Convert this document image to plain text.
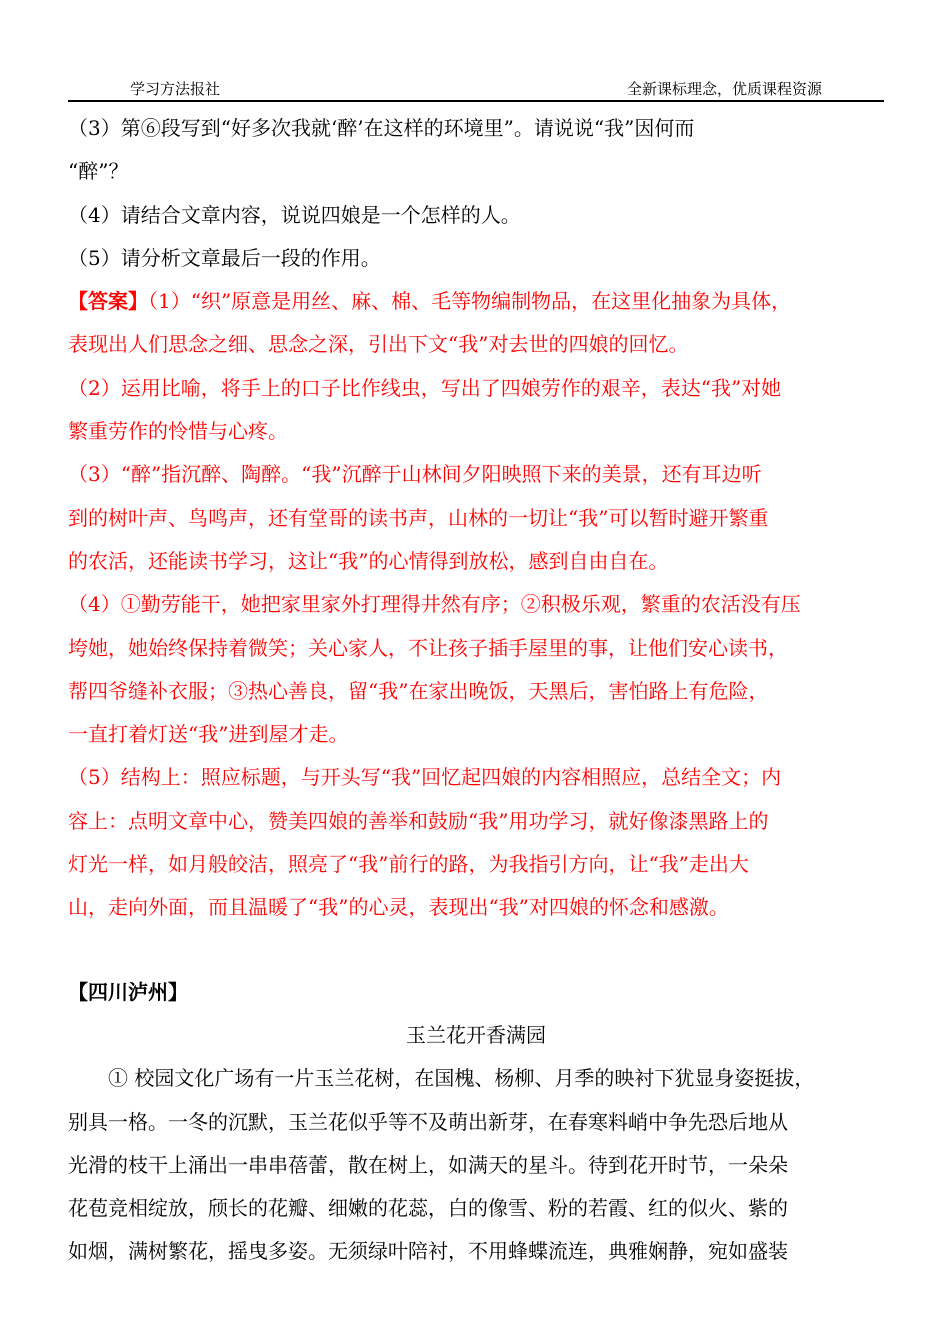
学习方法报社	全新课标理念，优质课程资源

（3）第⑥段写到“好多次我就‘醉’在这样的环境里”。请说说“我”因何而

“醉”？

（4）请结合文章内容，说说四娘是一个怎样的人。

（5）请分析文章最后一段的作用。

【答案】（1）“织”原意是用丝、麻、棉、毛等物编制物品，在这里化抽象为具体，

表现出人们思念之细、思念之深，引出下文“我”对去世的四娘的回忆。

（2）运用比喻，将手上的口子比作线虫，写出了四娘劳作的艰辛，表达“我”对她

繁重劳作的怜惜与心疼。

（3）“醉”指沉醉、陶醉。“我”沉醉于山林间夕阳映照下来的美景，还有耳边听

到的树叶声、鸟鸣声，还有堂哥的读书声，山林的一切让“我”可以暂时避开繁重

的农活，还能读书学习，这让“我”的心情得到放松，感到自由自在。

（4）①勤劳能干，她把家里家外打理得井然有序；②积极乐观，繁重的农活没有压

垮她，她始终保持着微笑；关心家人，不让孩子插手屋里的事，让他们安心读书，

帮四爷缝补衣服；③热心善良，留“我”在家出晚饭，天黑后，害怕路上有危险，

一直打着灯送“我”进到屋才走。

（5）结构上：照应标题，与开头写“我”回忆起四娘的内容相照应，总结全文；内

容上：点明文章中心，赞美四娘的善举和鼓励“我”用功学习，就好像漆黑路上的

灯光一样，如月般皎洁，照亮了“我”前行的路，为我指引方向，让“我”走出大

山，走向外面，而且温暖了“我”的心灵，表现出“我”对四娘的怀念和感激。

【四川泸州】

玉兰花开香满园

① 校园文化广场有一片玉兰花树，在国槐、杨柳、月季的映衬下犹显身姿挺拔，

别具一格。一冬的沉默，玉兰花似乎等不及萌出新芽，在春寒料峭中争先恐后地从

光滑的枝干上涌出一串串蓓蕾，散在树上，如满天的星斗。待到花开时节，一朵朵

花苞竞相绽放，颀长的花瓣、细嫩的花蕊，白的像雪、粉的若霞、红的似火、紫的

如烟，满树繁花，摇曳多姿。无须绿叶陪衬，不用蜂蝶流连，典雅娴静，宛如盛装
